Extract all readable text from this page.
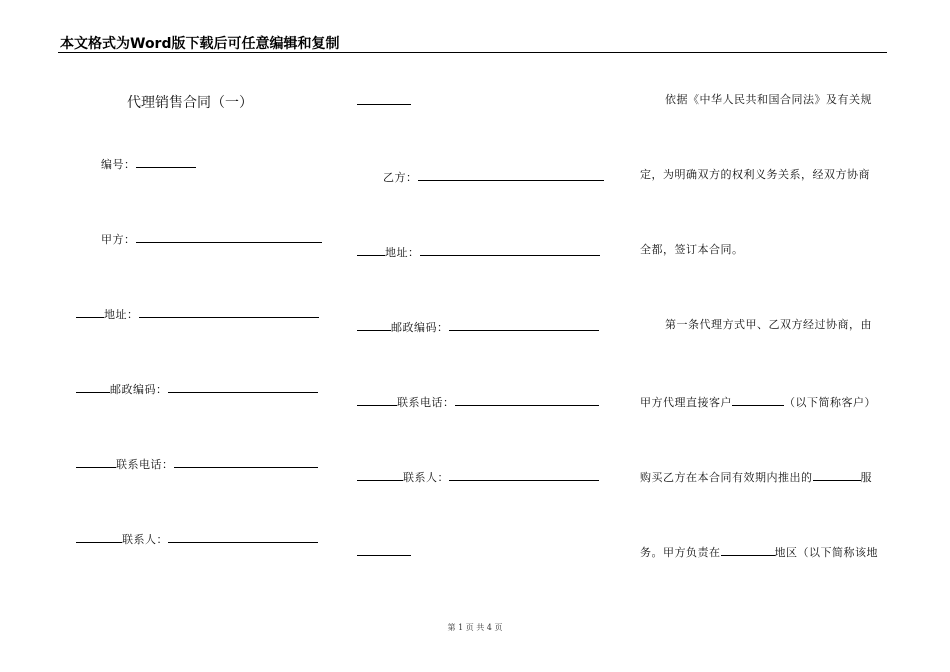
本文格式为Word版下载后可任意编辑和复制
代理销售合同（一）
编号：
甲方：
地址：
邮政编码：
联系电话：
联系人：
乙方：
地址：
邮政编码：
联系电话：
联系人：
依据《中华人民共和国合同法》及有关规
定，为明确双方的权利义务关系，经双方协商
全都，签订本合同。
第一条代理方式甲、乙双方经过协商，由
甲方代理直接客户	（以下简称客户）
购买乙方在本合同有效期内推出的	服
务。甲方负责在	地区（以下简称该地
第 1 页 共 4 页
